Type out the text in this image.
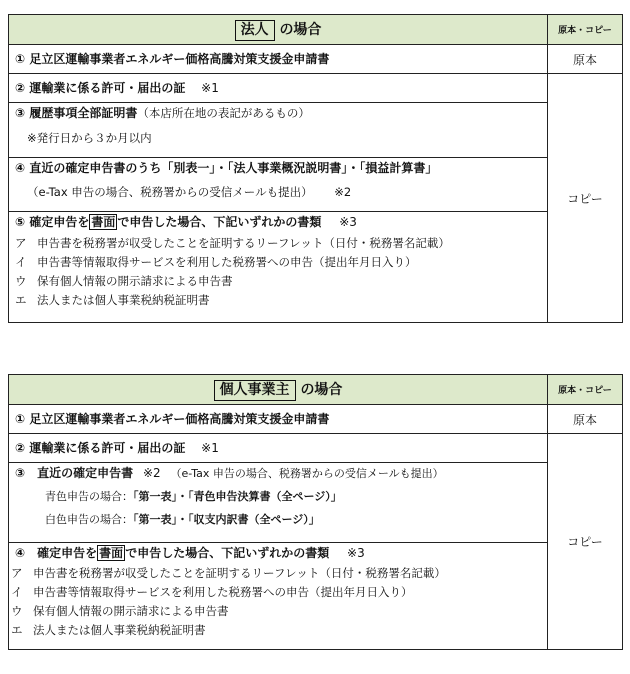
法人 の場合	原本・コピー

① 足立区運輸事業者エネルギー価格高騰対策支援金申請書	原本

② 運輸業に係る許可・届出の証 ※1	コピー

③ 履歴事項全部証明書（本店所在地の表記があるもの）
※発行日から３か月以内	

④ 直近の確定申告書のうち「別表一」・「法人事業概況説明書」・「損益計算書」
（e-Tax 申告の場合、税務署からの受信メールも提出） ※2	

⑤ 確定申告を 書面 で申告した場合、下記いずれかの書類 ※3
ア 申告書を税務署が収受したことを証明するリーフレット（日付・税務署名記載）
イ 申告書等情報取得サービスを利用した税務署への申告（提出年月日入り）
ウ 保有個人情報の開示請求による申告書
エ 法人または個人事業税納税証明書	
個人事業主 の場合	原本・コピー

① 足立区運輸事業者エネルギー価格高騰対策支援金申請書	原本

② 運輸業に係る許可・届出の証 ※1	コピー

③　直近の確定申告書 ※2 （e-Tax 申告の場合、税務署からの受信メールも提出）
青色申告の場合：「第一表」・「青色申告決算書（全ページ）」
白色申告の場合：「第一表」・「収支内訳書（全ページ）」	

④　確定申告を 書面 で申告した場合、下記いずれかの書類 ※3
ア 申告書を税務署が収受したことを証明するリーフレット（日付・税務署名記載）
イ 申告書等情報取得サービスを利用した税務署への申告（提出年月日入り）
ウ 保有個人情報の開示請求による申告書
エ 法人または個人事業税納税証明書	
